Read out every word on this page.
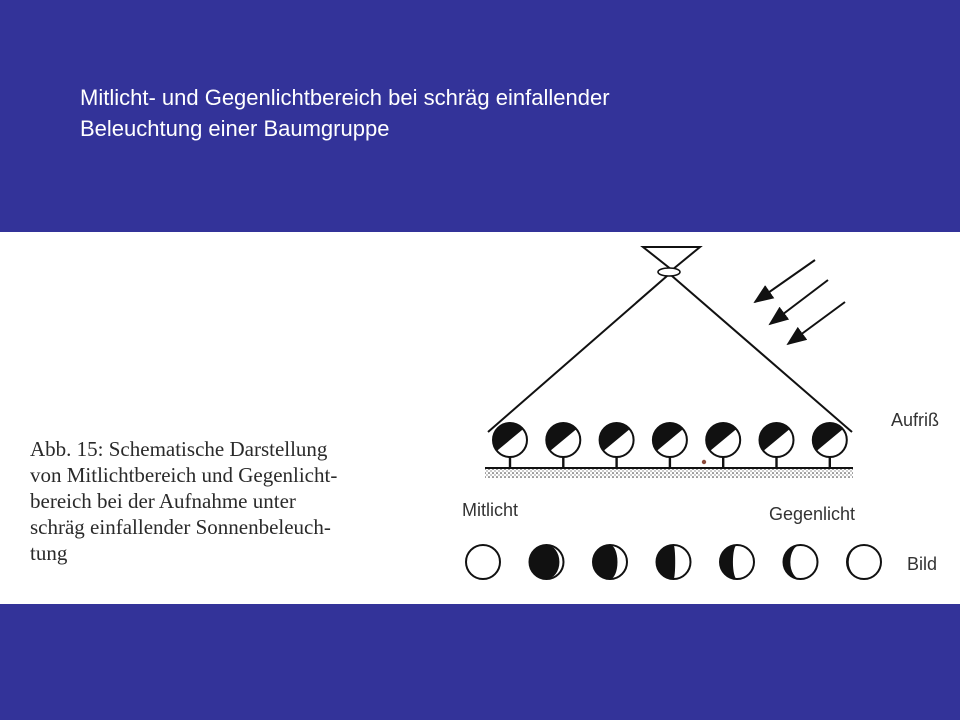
Mitlicht- und Gegenlichtbereich bei schräg einfallender
Beleuchtung einer Baumgruppe
Aufriß
Mitlicht	Gegenlicht
Bild
Abb. 15: Schematische Darstellung
von Mitlichtbereich und Gegenlicht-
bereich bei der Aufnahme unter
schräg einfallender Sonnenbeleuch-
tung
